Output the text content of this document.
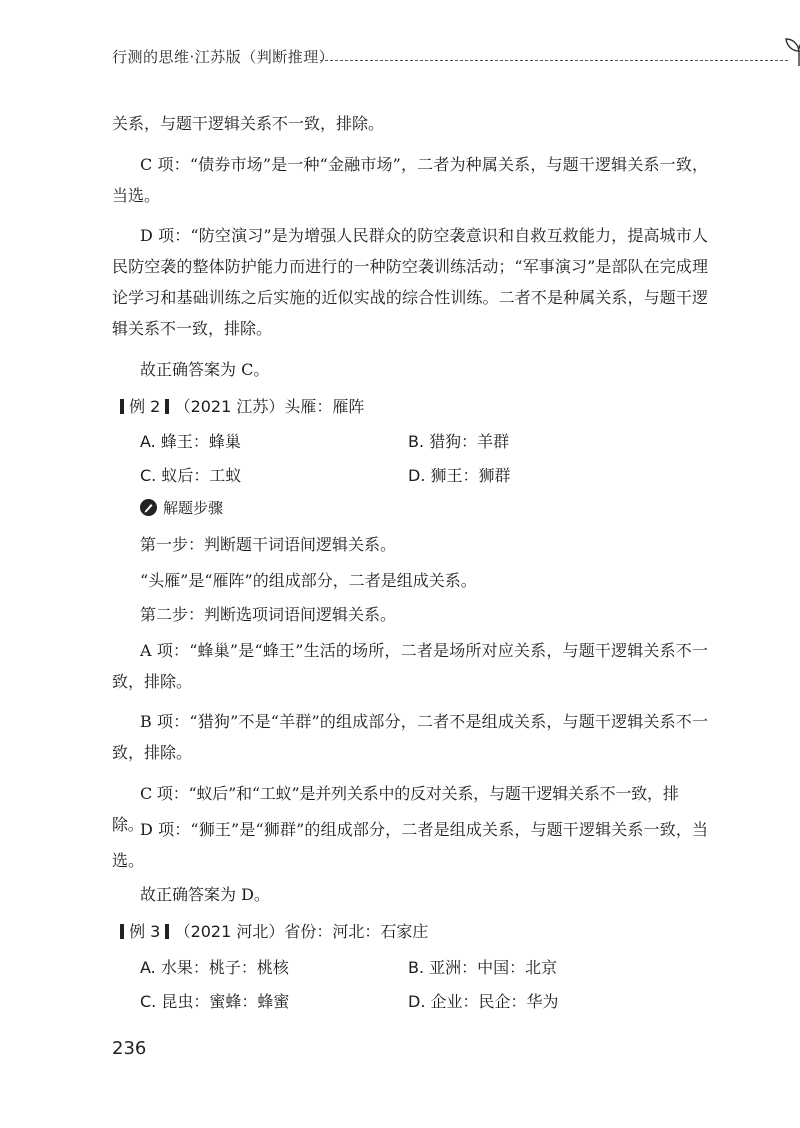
行测的思维·江苏版（判断推理）

关系，与题干逻辑关系不一致，排除。

C 项：“债券市场”是一种“金融市场”，二者为种属关系，与题干逻辑关系一致，当选。

D 项：“防空演习”是为增强人民群众的防空袭意识和自救互救能力，提高城市人民防空袭的整体防护能力而进行的一种防空袭训练活动；“军事演习”是部队在完成理论学习和基础训练之后实施的近似实战的综合性训练。二者不是种属关系，与题干逻辑关系不一致，排除。

故正确答案为 C。

例 2 （2021 江苏）头雁：雁阵
A. 蜂王：蜂巢	B. 猎狗：羊群
C. 蚁后：工蚁	D. 狮王：狮群
解题步骤

第一步：判断题干词语间逻辑关系。

“头雁”是“雁阵”的组成部分，二者是组成关系。

第二步：判断选项词语间逻辑关系。

A 项：“蜂巢”是“蜂王”生活的场所，二者是场所对应关系，与题干逻辑关系不一致，排除。

B 项：“猎狗”不是“羊群”的组成部分，二者不是组成关系，与题干逻辑关系不一致，排除。

C 项：“蚁后”和“工蚁”是并列关系中的反对关系，与题干逻辑关系不一致，排除。

D 项：“狮王”是“狮群”的组成部分，二者是组成关系，与题干逻辑关系一致，当选。

故正确答案为 D。

例 3 （2021 河北）省份：河北：石家庄
A. 水果：桃子：桃核	B. 亚洲：中国：北京
C. 昆虫：蜜蜂：蜂蜜	D. 企业：民企：华为
236
